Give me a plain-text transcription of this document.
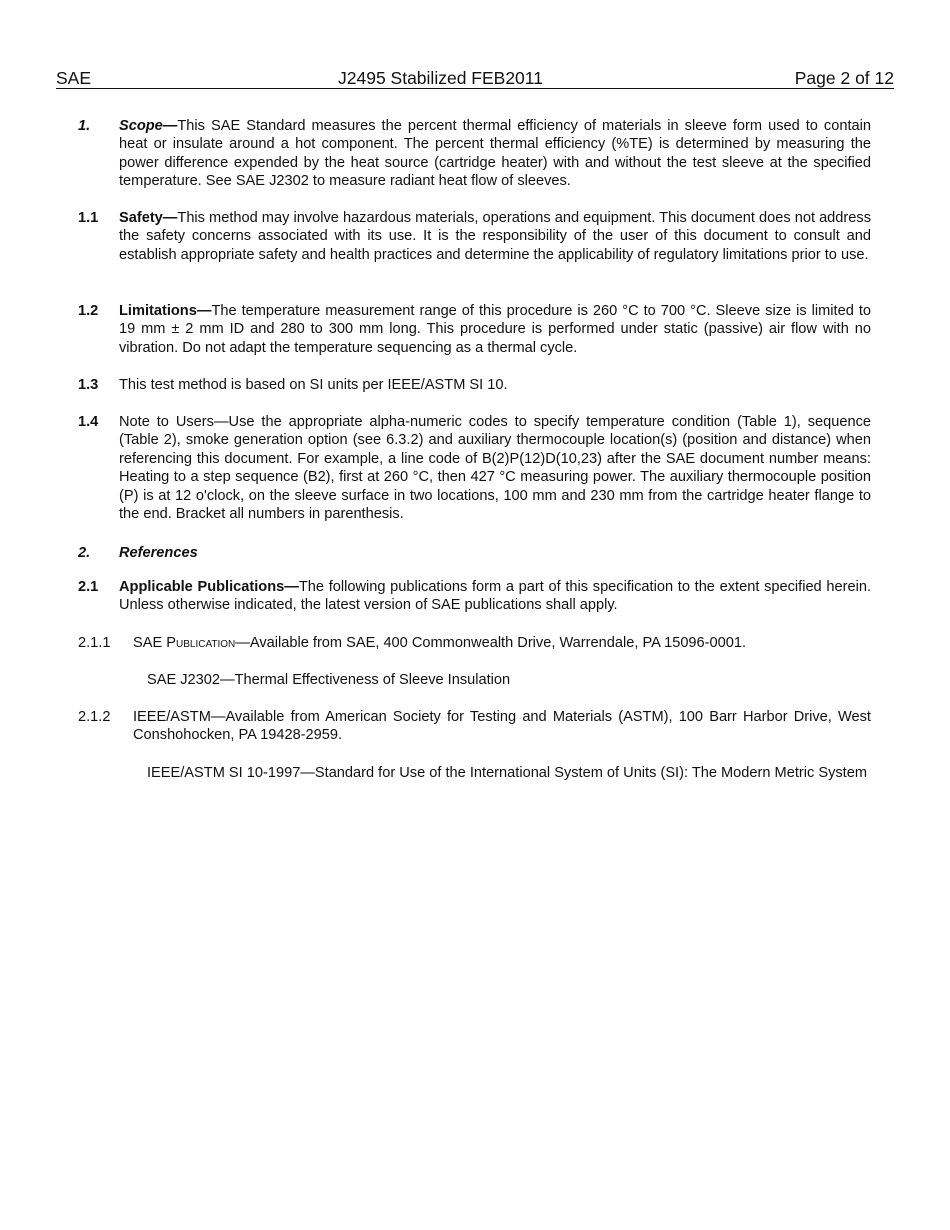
SAE	J2495 Stabilized FEB2011	Page 2 of 12
1. Scope—This SAE Standard measures the percent thermal efficiency of materials in sleeve form used to contain heat or insulate around a hot component. The percent thermal efficiency (%TE) is determined by measuring the power difference expended by the heat source (cartridge heater) with and without the test sleeve at the specified temperature. See SAE J2302 to measure radiant heat flow of sleeves.
1.1 Safety—This method may involve hazardous materials, operations and equipment. This document does not address the safety concerns associated with its use. It is the responsibility of the user of this document to consult and establish appropriate safety and health practices and determine the applicability of regulatory limitations prior to use.
1.2 Limitations—The temperature measurement range of this procedure is 260 °C to 700 °C. Sleeve size is limited to 19 mm ± 2 mm ID and 280 to 300 mm long. This procedure is performed under static (passive) air flow with no vibration. Do not adapt the temperature sequencing as a thermal cycle.
1.3 This test method is based on SI units per IEEE/ASTM SI 10.
1.4 Note to Users—Use the appropriate alpha-numeric codes to specify temperature condition (Table 1), sequence (Table 2), smoke generation option (see 6.3.2) and auxiliary thermocouple location(s) (position and distance) when referencing this document. For example, a line code of B(2)P(12)D(10,23) after the SAE document number means: Heating to a step sequence (B2), first at 260 °C, then 427 °C measuring power. The auxiliary thermocouple position (P) is at 12 o'clock, on the sleeve surface in two locations, 100 mm and 230 mm from the cartridge heater flange to the end. Bracket all numbers in parenthesis.
2. References
2.1 Applicable Publications—The following publications form a part of this specification to the extent specified herein. Unless otherwise indicated, the latest version of SAE publications shall apply.
2.1.1 SAE Publication—Available from SAE, 400 Commonwealth Drive, Warrendale, PA 15096-0001.
SAE J2302—Thermal Effectiveness of Sleeve Insulation
2.1.2 IEEE/ASTM—Available from American Society for Testing and Materials (ASTM), 100 Barr Harbor Drive, West Conshohocken, PA 19428-2959.
IEEE/ASTM SI 10-1997—Standard for Use of the International System of Units (SI): The Modern Metric System
